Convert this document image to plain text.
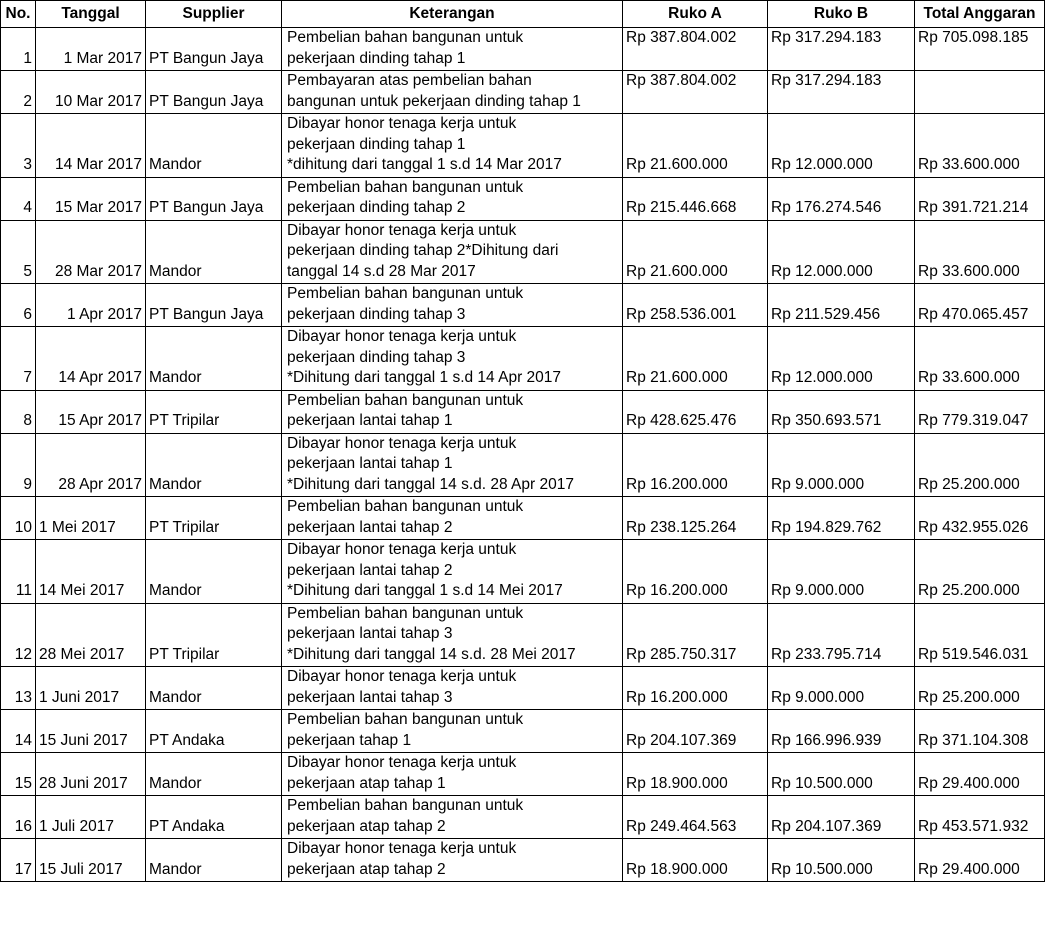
No.	Tanggal	Supplier	Keterangan	Ruko A	Ruko B	Total Anggaran
1	1 Mar 2017	PT Bangun Jaya	Pembelian bahan bangunan untuk
pekerjaan dinding tahap 1	Rp 387.804.002	Rp 317.294.183	Rp 705.098.185
2	10 Mar 2017	PT Bangun Jaya	Pembayaran atas pembelian bahan
bangunan untuk pekerjaan dinding tahap 1	Rp 387.804.002	Rp 317.294.183	
3	14 Mar 2017	Mandor	Dibayar honor tenaga kerja untuk
pekerjaan dinding tahap 1
*dihitung dari tanggal 1 s.d 14 Mar 2017	Rp 21.600.000	Rp 12.000.000	Rp 33.600.000
4	15 Mar 2017	PT Bangun Jaya	Pembelian bahan bangunan untuk
pekerjaan dinding tahap 2	Rp 215.446.668	Rp 176.274.546	Rp 391.721.214
5	28 Mar 2017	Mandor	Dibayar honor tenaga kerja untuk
pekerjaan dinding tahap 2*Dihitung dari
tanggal 14 s.d 28 Mar 2017	Rp 21.600.000	Rp 12.000.000	Rp 33.600.000
6	1 Apr 2017	PT Bangun Jaya	Pembelian bahan bangunan untuk
pekerjaan dinding tahap 3	Rp 258.536.001	Rp 211.529.456	Rp 470.065.457
7	14 Apr 2017	Mandor	Dibayar honor tenaga kerja untuk
pekerjaan dinding tahap 3
*Dihitung dari tanggal 1 s.d 14 Apr 2017	Rp 21.600.000	Rp 12.000.000	Rp 33.600.000
8	15 Apr 2017	PT Tripilar	Pembelian bahan bangunan untuk
pekerjaan lantai tahap 1	Rp 428.625.476	Rp 350.693.571	Rp 779.319.047
9	28 Apr 2017	Mandor	Dibayar honor tenaga kerja untuk
pekerjaan lantai tahap 1
*Dihitung dari tanggal 14 s.d. 28 Apr 2017	Rp 16.200.000	Rp 9.000.000	Rp 25.200.000
10	1 Mei 2017	PT Tripilar	Pembelian bahan bangunan untuk
pekerjaan lantai tahap 2	Rp 238.125.264	Rp 194.829.762	Rp 432.955.026
11	14 Mei 2017	Mandor	Dibayar honor tenaga kerja untuk
pekerjaan lantai tahap 2
*Dihitung dari tanggal 1 s.d 14 Mei 2017	Rp 16.200.000	Rp 9.000.000	Rp 25.200.000
12	28 Mei 2017	PT Tripilar	Pembelian bahan bangunan untuk
pekerjaan lantai tahap 3
*Dihitung dari tanggal 14 s.d. 28 Mei 2017	Rp 285.750.317	Rp 233.795.714	Rp 519.546.031
13	1 Juni 2017	Mandor	Dibayar honor tenaga kerja untuk
pekerjaan lantai tahap 3	Rp 16.200.000	Rp 9.000.000	Rp 25.200.000
14	15 Juni 2017	PT Andaka	Pembelian bahan bangunan untuk
pekerjaan tahap 1	Rp 204.107.369	Rp 166.996.939	Rp 371.104.308
15	28 Juni 2017	Mandor	Dibayar honor tenaga kerja untuk
pekerjaan atap tahap 1	Rp 18.900.000	Rp 10.500.000	Rp 29.400.000
16	1 Juli 2017	PT Andaka	Pembelian bahan bangunan untuk
pekerjaan atap tahap 2	Rp 249.464.563	Rp 204.107.369	Rp 453.571.932
17	15 Juli 2017	Mandor	Dibayar honor tenaga kerja untuk
pekerjaan atap tahap 2	Rp 18.900.000	Rp 10.500.000	Rp 29.400.000
